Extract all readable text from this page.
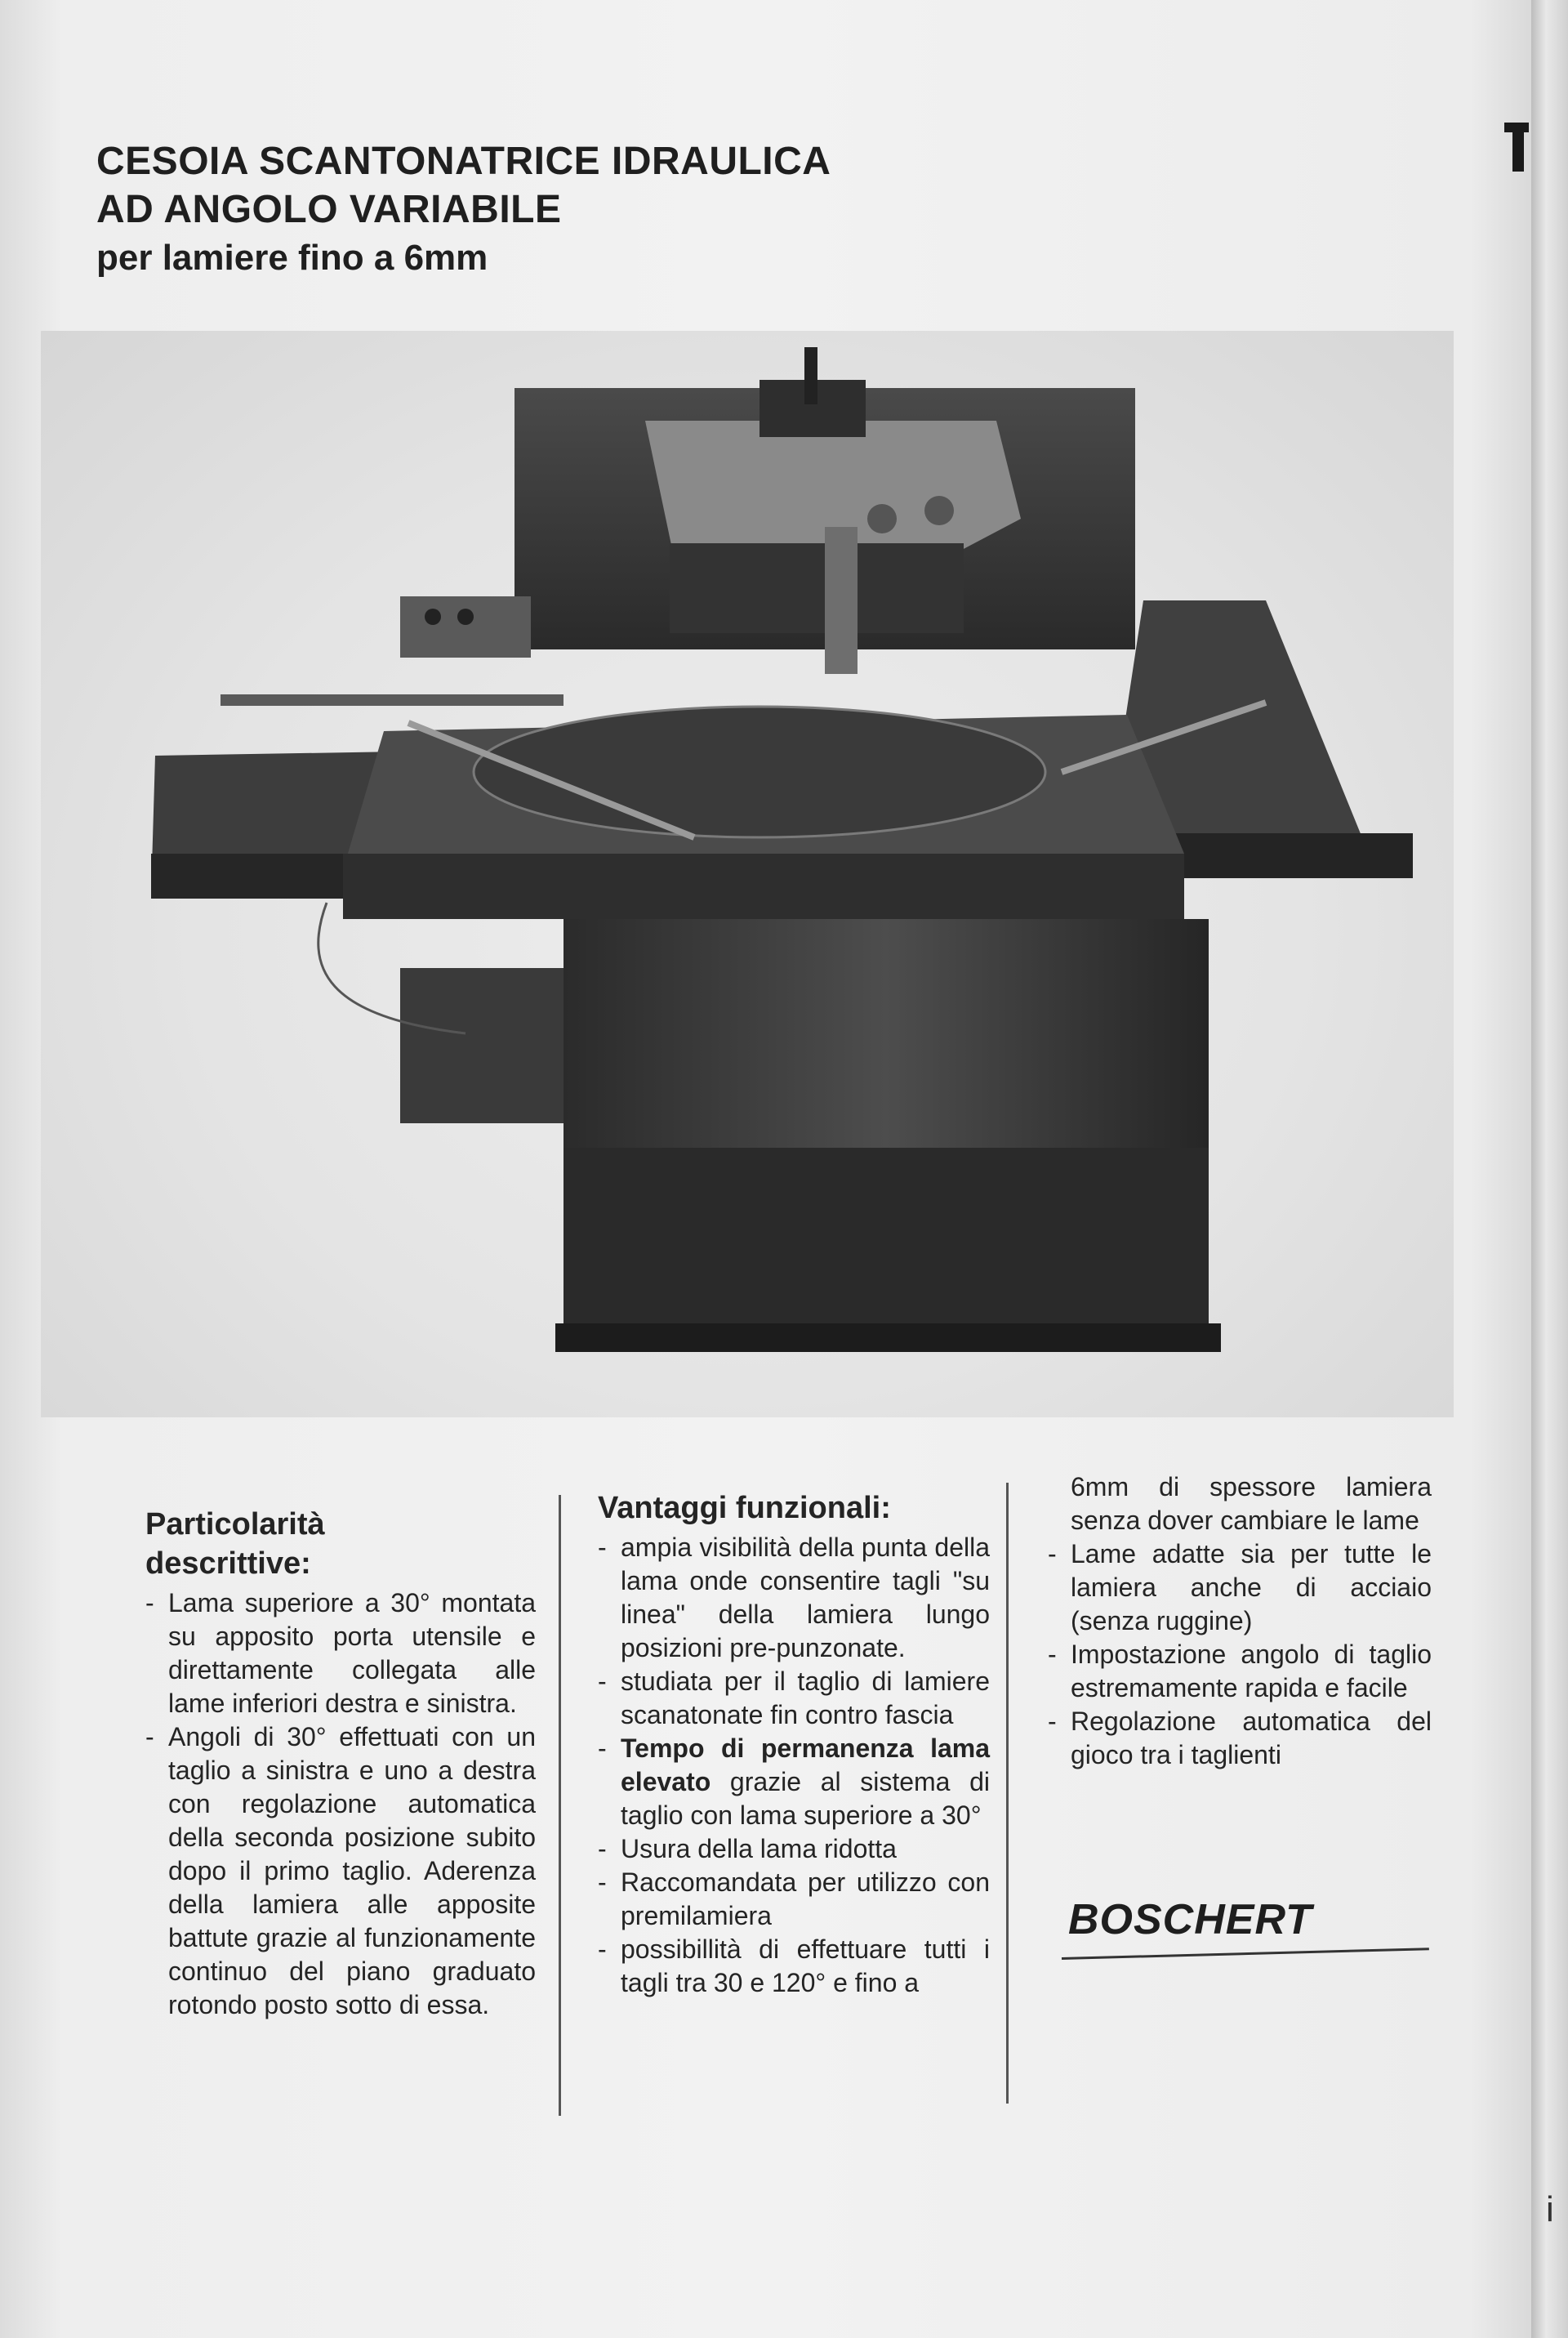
i

CESOIA SCANTONATRICE IDRAULICA

AD ANGOLO VARIABILE

per lamiere fino a 6mm

Particolarità
descrittive:

- Lama superiore a 30° montata su apposito porta utensile e direttamente collegata alle lame inferiori destra e sinistra.
- Angoli di 30° effettuati con un taglio a sinistra e uno a destra con regolazione automatica della seconda posizione subito dopo il primo taglio. Aderenza della lamiera alle apposite battute grazie al funzionamente continuo del piano graduato rotondo posto sotto di essa.

Vantaggi funzionali:

- ampia visibilità della punta della lama onde consentire tagli "su linea" della lamiera lungo posizioni pre-punzonate.
- studiata per il taglio di lamiere scanatonate fin contro fascia
- Tempo di permanenza lama elevato grazie al sistema di taglio con lama superiore a 30°
- Usura della lama ridotta
- Raccomandata per utilizzo con premilamiera
- possibillità di effettuare tutti i tagli tra 30 e 120° e fino a

6mm di spessore lamiera senza dover cambiare le lame

- Lame adatte sia per tutte le lamiera anche di acciaio (senza ruggine)
- Impostazione angolo di taglio estremamente rapida e facile
- Regolazione automatica del gioco tra i taglienti
BOSCHERT
